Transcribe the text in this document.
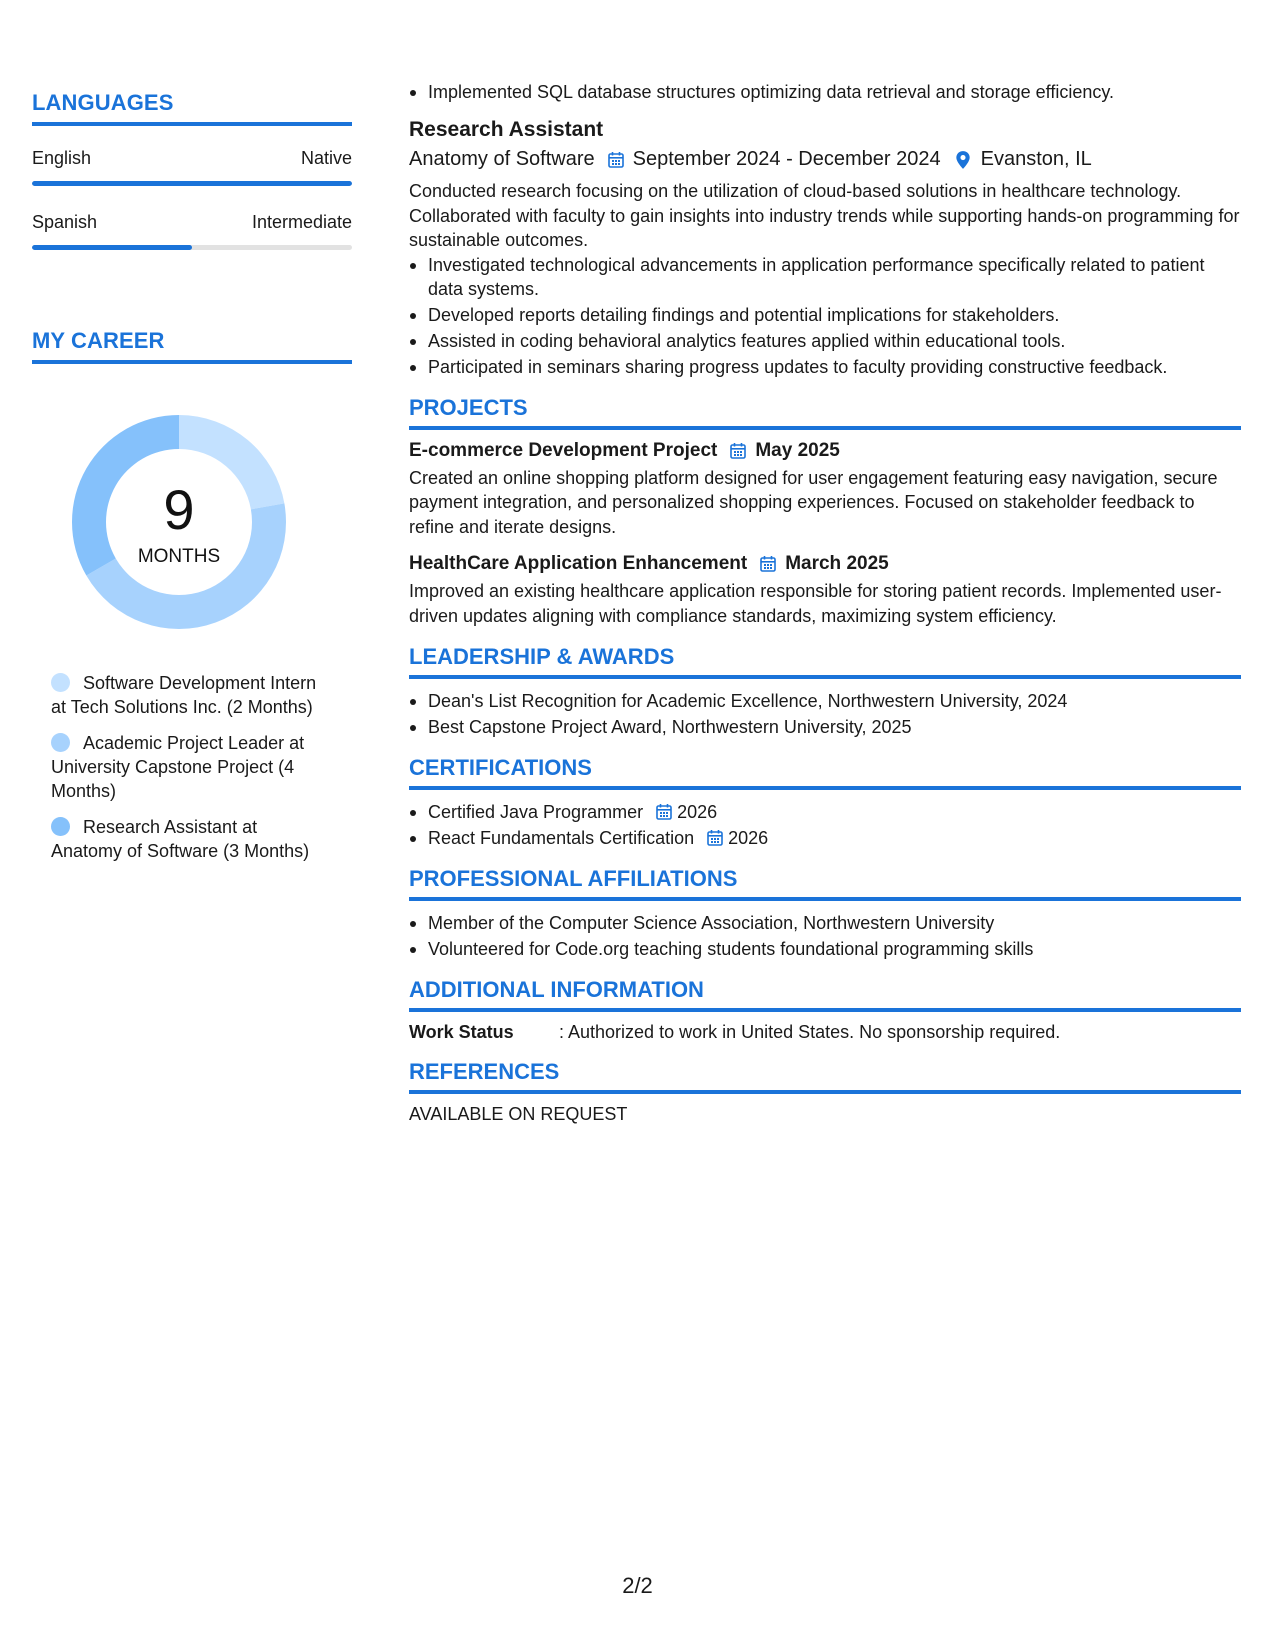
LANGUAGES
English	Native
Spanish	Intermediate
MY CAREER
9
MONTHS
Software Development Intern at Tech Solutions Inc. (2 Months)
Academic Project Leader at University Capstone Project (4 Months)
Research Assistant at Anatomy of Software (3 Months)
Implemented SQL database structures optimizing data retrieval and storage efficiency.
Research Assistant
Anatomy of Software September 2024 - December 2024 Evanston, IL
Conducted research focusing on the utilization of cloud-based solutions in healthcare technology. Collaborated with faculty to gain insights into industry trends while supporting hands-on programming for sustainable outcomes.
Investigated technological advancements in application performance specifically related to patient data systems.
Developed reports detailing findings and potential implications for stakeholders.
Assisted in coding behavioral analytics features applied within educational tools.
Participated in seminars sharing progress updates to faculty providing constructive feedback.
PROJECTS
E-commerce Development Project May 2025
Created an online shopping platform designed for user engagement featuring easy navigation, secure payment integration, and personalized shopping experiences. Focused on stakeholder feedback to refine and iterate designs.
HealthCare Application Enhancement March 2025
Improved an existing healthcare application responsible for storing patient records. Implemented user-driven updates aligning with compliance standards, maximizing system efficiency.
LEADERSHIP & AWARDS
Dean's List Recognition for Academic Excellence, Northwestern University, 2024
Best Capstone Project Award, Northwestern University, 2025
CERTIFICATIONS
Certified Java Programmer 2026
React Fundamentals Certification 2026
PROFESSIONAL AFFILIATIONS
Member of the Computer Science Association, Northwestern University
Volunteered for Code.org teaching students foundational programming skills
ADDITIONAL INFORMATION
Work Status	: Authorized to work in United States. No sponsorship required.
REFERENCES
AVAILABLE ON REQUEST
2/2
